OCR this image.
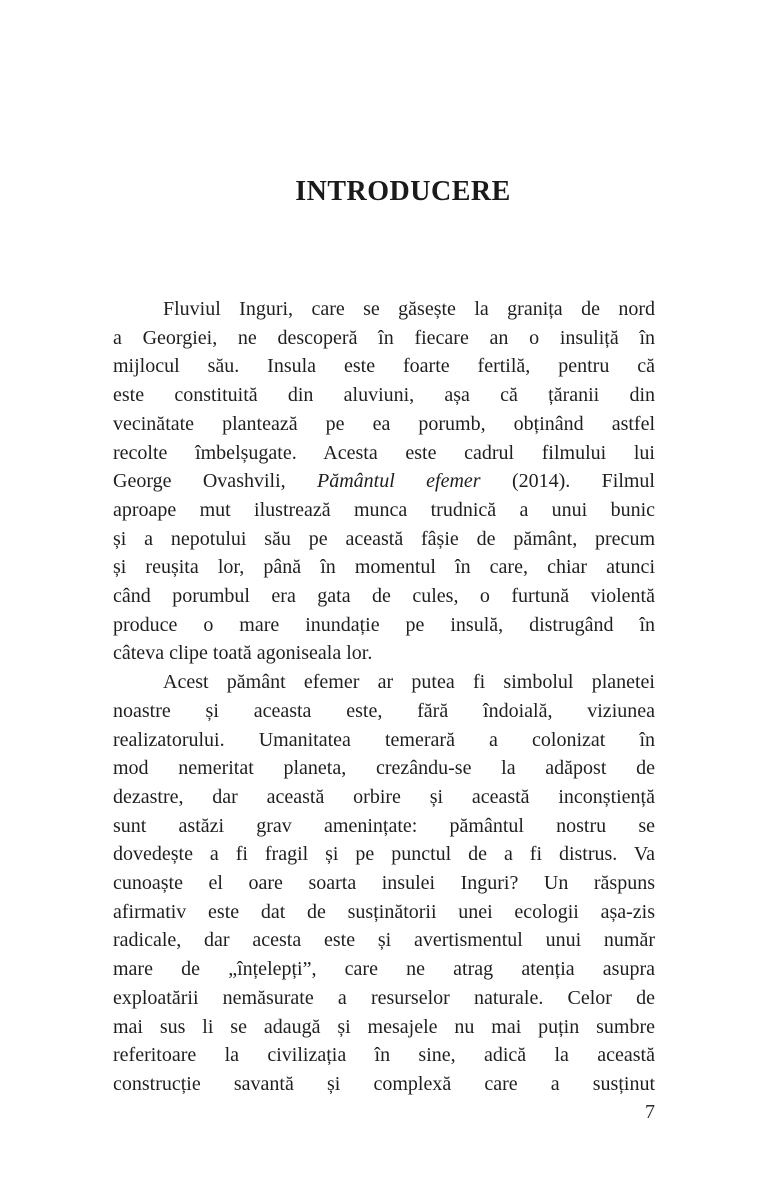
INTRODUCERE
Fluviul Inguri, care se găsește la granița de nord
a Georgiei, ne descoperă în fiecare an o insuliță în
mijlocul său. Insula este foarte fertilă, pentru că
este constituită din aluviuni, așa că țăranii din
vecinătate plantează pe ea porumb, obținând astfel
recolte îmbelșugate. Acesta este cadrul filmului lui
George Ovashvili, Pământul efemer (2014). Filmul
aproape mut ilustrează munca trudnică a unui bunic
și a nepotului său pe această fâșie de pământ, precum
și reușita lor, până în momentul în care, chiar atunci
când porumbul era gata de cules, o furtună violentă
produce o mare inundație pe insulă, distrugând în
câteva clipe toată agoniseala lor.
Acest pământ efemer ar putea fi simbolul planetei
noastre și aceasta este, fără îndoială, viziunea
realizatorului. Umanitatea temerară a colonizat în
mod nemeritat planeta, crezându-se la adăpost de
dezastre, dar această orbire și această inconștiență
sunt astăzi grav amenințate: pământul nostru se
dovedește a fi fragil și pe punctul de a fi distrus. Va
cunoaște el oare soarta insulei Inguri? Un răspuns
afirmativ este dat de susținătorii unei ecologii așa-zis
radicale, dar acesta este și avertismentul unui număr
mare de „înțelepți”, care ne atrag atenția asupra
exploatării nemăsurate a resurselor naturale. Celor de
mai sus li se adaugă și mesajele nu mai puțin sumbre
referitoare la civilizația în sine, adică la această
construcție savantă și complexă care a susținut
7
